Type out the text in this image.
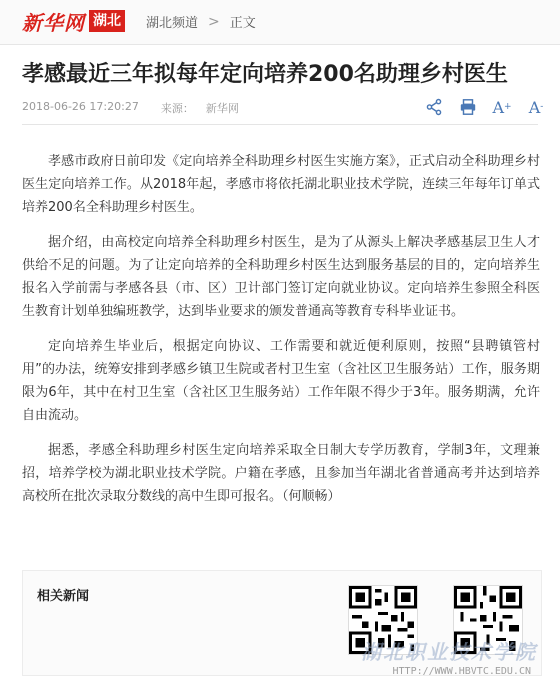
新华网 湖北	湖北频道 > 正文
孝感最近三年拟每年定向培养200名助理乡村医生
2018-06-26 17:20:27 来源： 新华网	A + A -

孝感市政府日前印发《定向培养全科助理乡村医生实施方案》，正式启动全科助理乡村医生定向培养工作。从2018年起，孝感市将依托湖北职业技术学院，连续三年每年订单式培养200名全科助理乡村医生。

据介绍，由高校定向培养全科助理乡村医生，是为了从源头上解决孝感基层卫生人才供给不足的问题。为了让定向培养的全科助理乡村医生达到服务基层的目的，定向培养生报名入学前需与孝感各县（市、区）卫计部门签订定向就业协议。定向培养生参照全科医生教育计划单独编班教学，达到毕业要求的颁发普通高等教育专科毕业证书。

定向培养生毕业后，根据定向协议、工作需要和就近便利原则，按照“县聘镇管村用”的办法，统筹安排到孝感乡镇卫生院或者村卫生室（含社区卫生服务站）工作，服务期限为6年，其中在村卫生室（含社区卫生服务站）工作年限不得少于3年。服务期满，允许自由流动。

据悉，孝感全科助理乡村医生定向培养采取全日制大专学历教育，学制3年，文理兼招，培养学校为湖北职业技术学院。户籍在孝感，且参加当年湖北省普通高考并达到培养高校所在批次录取分数线的高中生即可报名。（何顺畅）

相关新闻
湖北职业技术学院
HTTP://WWW.HBVTC.EDU.CN
